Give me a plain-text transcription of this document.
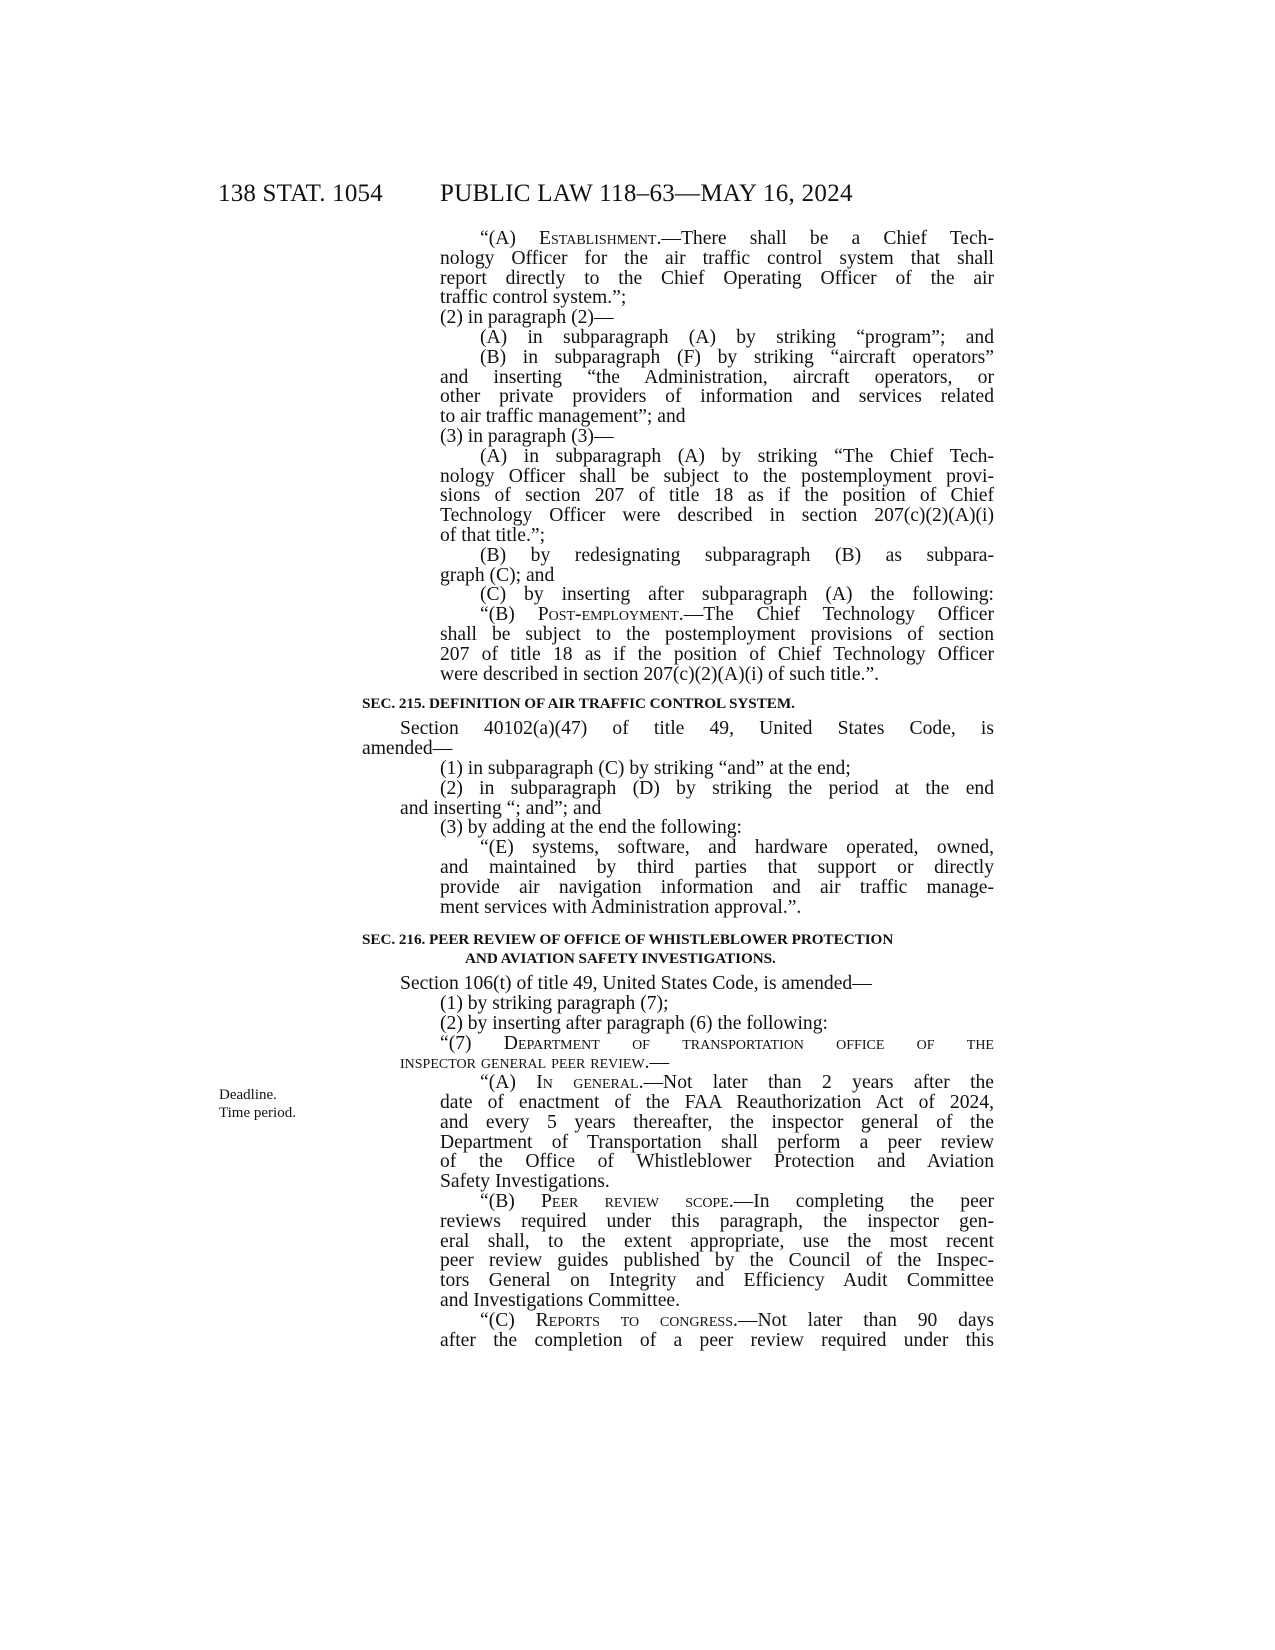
138 STAT. 1054 PUBLIC LAW 118–63—MAY 16, 2024
Deadline.
Time period.
“(A) Establishment.—There shall be a Chief Tech-
nology Officer for the air traffic control system that shall
report directly to the Chief Operating Officer of the air
traffic control system.”;
(2) in paragraph (2)—
(A) in subparagraph (A) by striking “program”; and
(B) in subparagraph (F) by striking “aircraft operators”
and inserting “the Administration, aircraft operators, or
other private providers of information and services related
to air traffic management”; and
(3) in paragraph (3)—
(A) in subparagraph (A) by striking “The Chief Tech-
nology Officer shall be subject to the postemployment provi-
sions of section 207 of title 18 as if the position of Chief
Technology Officer were described in section 207(c)(2)(A)(i)
of that title.”;
(B) by redesignating subparagraph (B) as subpara-
graph (C); and
(C) by inserting after subparagraph (A) the following:
“(B) Post-employment.—The Chief Technology Officer
shall be subject to the postemployment provisions of section
207 of title 18 as if the position of Chief Technology Officer
were described in section 207(c)(2)(A)(i) of such title.”.
SEC. 215. DEFINITION OF AIR TRAFFIC CONTROL SYSTEM.
Section 40102(a)(47) of title 49, United States Code, is
amended—
(1) in subparagraph (C) by striking “and” at the end;
(2) in subparagraph (D) by striking the period at the end
and inserting “; and”; and
(3) by adding at the end the following:
“(E) systems, software, and hardware operated, owned,
and maintained by third parties that support or directly
provide air navigation information and air traffic manage-
ment services with Administration approval.”.
SEC. 216. PEER REVIEW OF OFFICE OF WHISTLEBLOWER PROTECTION
AND AVIATION SAFETY INVESTIGATIONS.
Section 106(t) of title 49, United States Code, is amended—
(1) by striking paragraph (7);
(2) by inserting after paragraph (6) the following:
“(7) Department of transportation office of the
inspector general peer review.—
“(A) In general.—Not later than 2 years after the
date of enactment of the FAA Reauthorization Act of 2024,
and every 5 years thereafter, the inspector general of the
Department of Transportation shall perform a peer review
of the Office of Whistleblower Protection and Aviation
Safety Investigations.
“(B) Peer review scope.—In completing the peer
reviews required under this paragraph, the inspector gen-
eral shall, to the extent appropriate, use the most recent
peer review guides published by the Council of the Inspec-
tors General on Integrity and Efficiency Audit Committee
and Investigations Committee.
“(C) Reports to congress.—Not later than 90 days
after the completion of a peer review required under this
